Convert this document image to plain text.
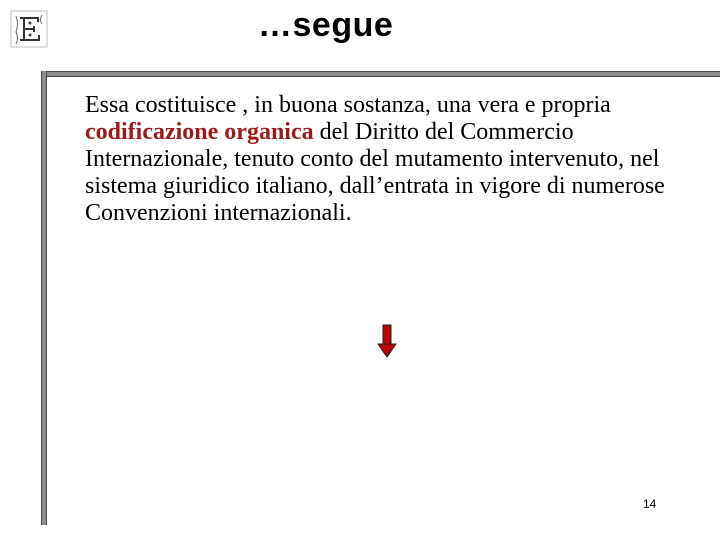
…segue
Essa costituisce , in buona sostanza, una vera e propria codificazione organica del Diritto del Commercio Internazionale, tenuto conto del mutamento intervenuto, nel sistema giuridico italiano, dall’entrata in vigore di numerose Convenzioni internazionali.
14
